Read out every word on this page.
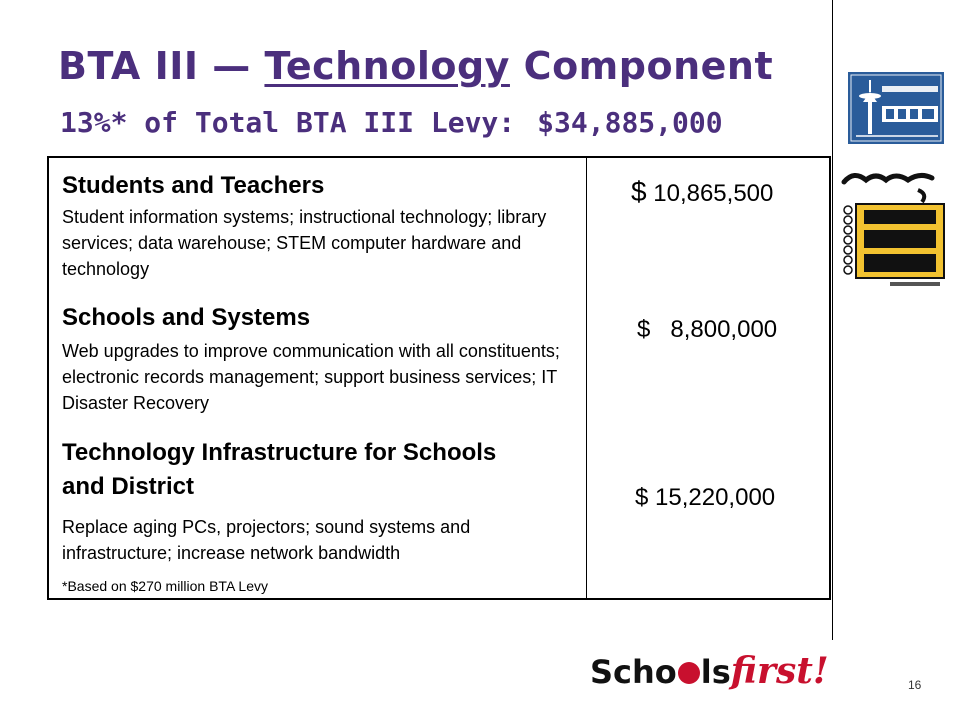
BTA III — Technology Component
13%* of Total BTA III Levy: $34,885,000
Students and Teachers
Student information systems; instructional technology; library services; data warehouse; STEM computer hardware and technology
$ 10,865,500
Schools and Systems
Web upgrades to improve communication with all constituents; electronic records management; support business services; IT Disaster Recovery
$   8,800,000
Technology Infrastructure for Schools and District
Replace aging PCs, projectors; sound systems and infrastructure; increase network bandwidth
$ 15,220,000
*Based on $270 million BTA Levy
Scho lsfirst!	16
